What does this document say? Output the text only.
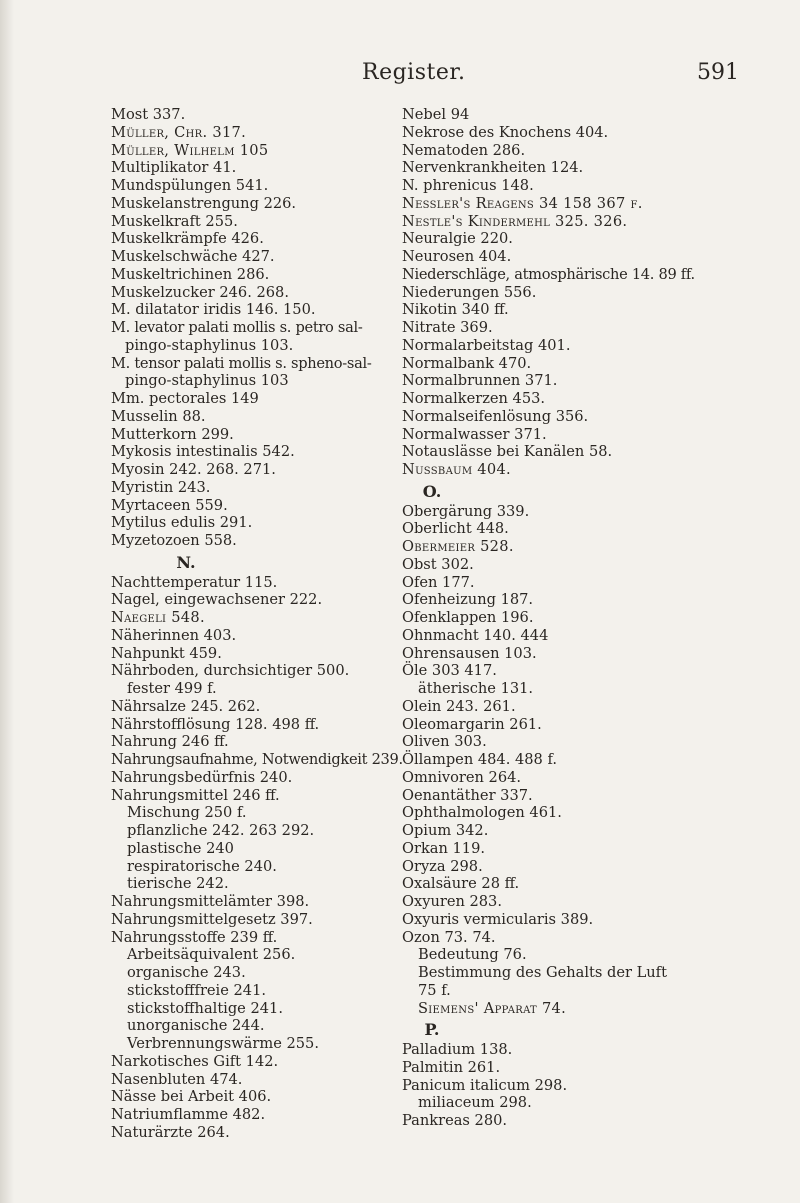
Register.	591
Most 337.
Müller, Chr. 317.
Müller, Wilhelm 105
Multiplikator 41.
Mundspülungen 541.
Muskelanstrengung 226.
Muskelkraft 255.
Muskelkrämpfe 426.
Muskelschwäche 427.
Muskeltrichinen 286.
Muskelzucker 246. 268.
M. dilatator iridis 146. 150.
M. levator palati mollis s. petro sal-
pingo-staphylinus 103.
M. tensor palati mollis s. spheno-sal-
pingo-staphylinus 103
Mm. pectorales 149
Musselin 88.
Mutterkorn 299.
Mykosis intestinalis 542.
Myosin 242. 268. 271.
Myristin 243.
Myrtaceen 559.
Mytilus edulis 291.
Myzetozoen 558.
N.
Nachttemperatur 115.
Nagel, eingewachsener 222.
Naegeli 548.
Näherinnen 403.
Nahpunkt 459.
Nährboden, durchsichtiger 500.
fester 499 f.
Nährsalze 245. 262.
Nährstofflösung 128. 498 ff.
Nahrung 246 ff.
Nahrungsaufnahme, Notwendigkeit 239.
Nahrungsbedürfnis 240.
Nahrungsmittel 246 ff.
Mischung 250 f.
pflanzliche 242. 263 292.
plastische 240
respiratorische 240.
tierische 242.
Nahrungsmittelämter 398.
Nahrungsmittelgesetz 397.
Nahrungsstoffe 239 ff.
Arbeitsäquivalent 256.
organische 243.
stickstofffreie 241.
stickstoffhaltige 241.
unorganische 244.
Verbrennungswärme 255.
Narkotisches Gift 142.
Nasenbluten 474.
Nässe bei Arbeit 406.
Natriumflamme 482.
Naturärzte 264.
Nebel 94
Nekrose des Knochens 404.
Nematoden 286.
Nervenkrankheiten 124.
N. phrenicus 148.
Nessler's Reagens 34 158 367 f.
Nestle's Kindermehl 325. 326.
Neuralgie 220.
Neurosen 404.
Niederschläge, atmosphärische 14. 89 ff.
Niederungen 556.
Nikotin 340 ff.
Nitrate 369.
Normalarbeitstag 401.
Normalbank 470.
Normalbrunnen 371.
Normalkerzen 453.
Normalseifenlösung 356.
Normalwasser 371.
Notauslässe bei Kanälen 58.
Nussbaum 404.
O.
Obergärung 339.
Oberlicht 448.
Obermeier 528.
Obst 302.
Ofen 177.
Ofenheizung 187.
Ofenklappen 196.
Ohnmacht 140. 444
Ohrensausen 103.
Öle 303 417.
ätherische 131.
Olein 243. 261.
Oleomargarin 261.
Oliven 303.
Öllampen 484. 488 f.
Omnivoren 264.
Oenantäther 337.
Ophthalmologen 461.
Opium 342.
Orkan 119.
Oryza 298.
Oxalsäure 28 ff.
Oxyuren 283.
Oxyuris vermicularis 389.
Ozon 73. 74.
Bedeutung 76.
Bestimmung des Gehalts der Luft
75 f.
Siemens' Apparat 74.
P.
Palladium 138.
Palmitin 261.
Panicum italicum 298.
miliaceum 298.
Pankreas 280.
